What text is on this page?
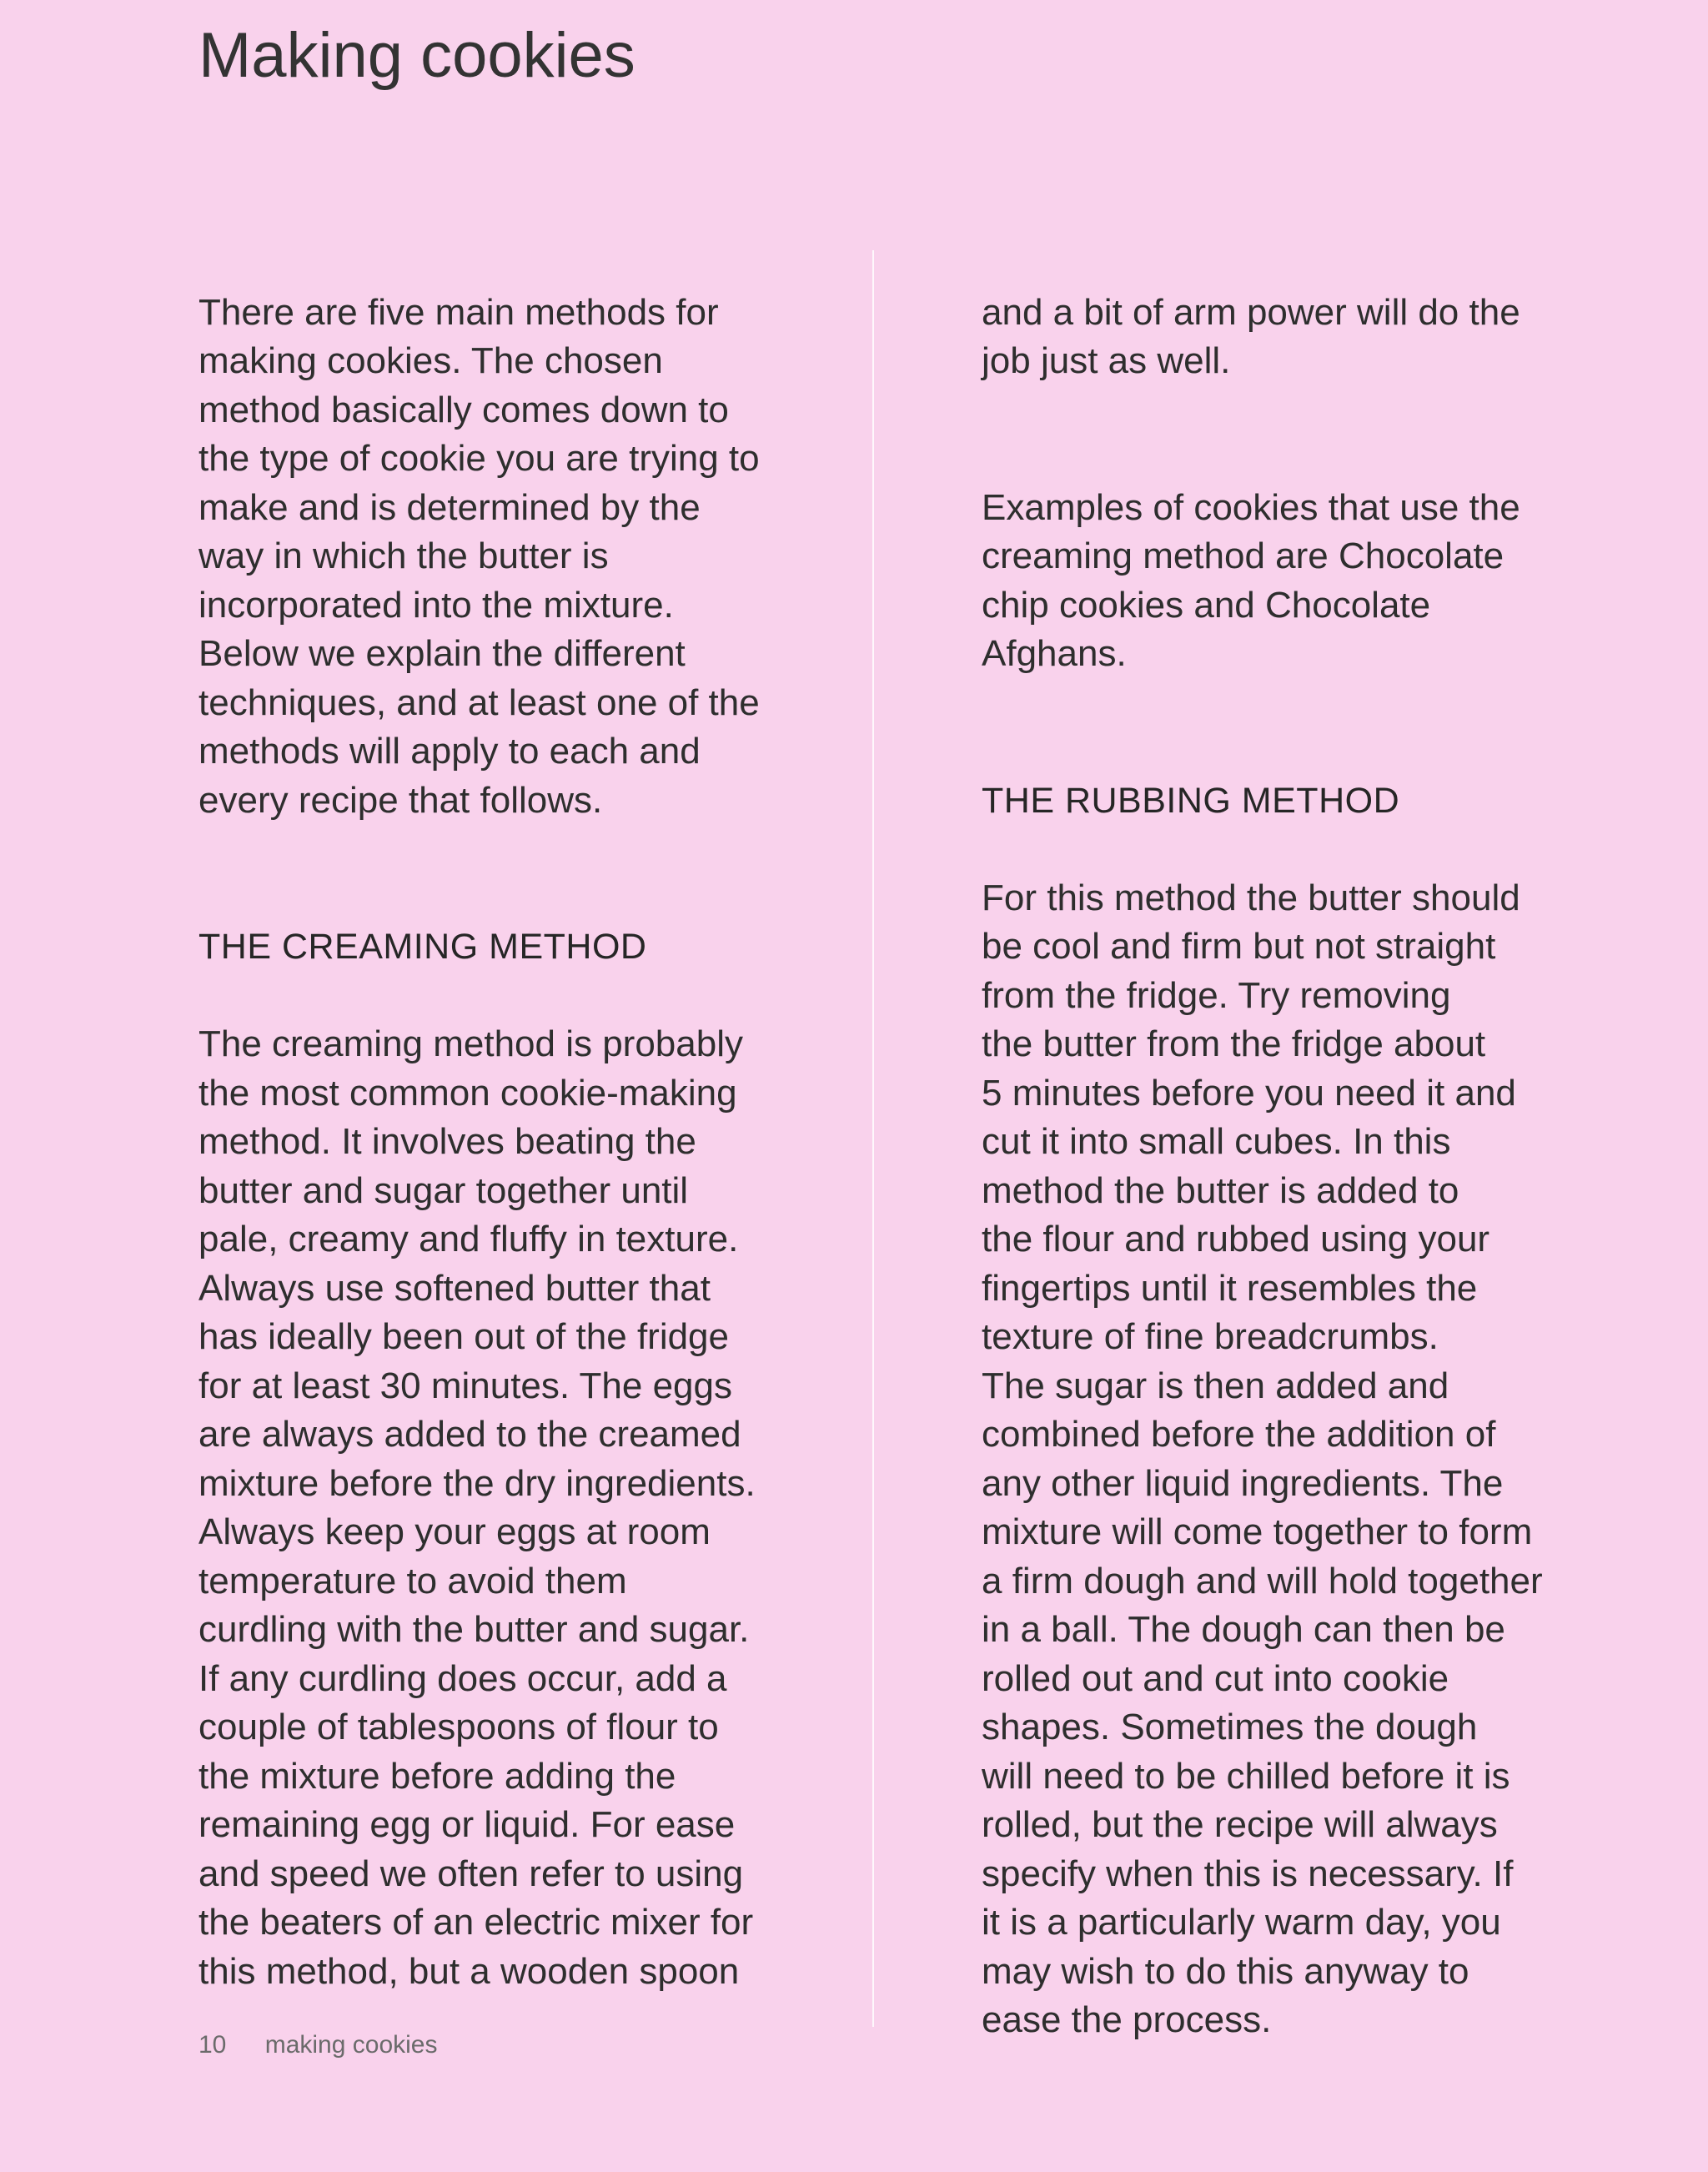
Making cookies

There are five main methods for
making cookies. The chosen
method basically comes down to
the type of cookie you are trying to
make and is determined by the
way in which the butter is
incorporated into the mixture.
Below we explain the different
techniques, and at least one of the
methods will apply to each and
every recipe that follows.

THE CREAMING METHOD

The creaming method is probably
the most common cookie-making
method. It involves beating the
butter and sugar together until
pale, creamy and fluffy in texture.
Always use softened butter that
has ideally been out of the fridge
for at least 30 minutes. The eggs
are always added to the creamed
mixture before the dry ingredients.
Always keep your eggs at room
temperature to avoid them
curdling with the butter and sugar.
If any curdling does occur, add a
couple of tablespoons of flour to
the mixture before adding the
remaining egg or liquid. For ease
and speed we often refer to using
the beaters of an electric mixer for
this method, but a wooden spoon

and a bit of arm power will do the
job just as well.

Examples of cookies that use the
creaming method are Chocolate
chip cookies and Chocolate
Afghans.

THE RUBBING METHOD

For this method the butter should
be cool and firm but not straight
from the fridge. Try removing
the butter from the fridge about
5 minutes before you need it and
cut it into small cubes. In this
method the butter is added to
the flour and rubbed using your
fingertips until it resembles the
texture of fine breadcrumbs.
The sugar is then added and
combined before the addition of
any other liquid ingredients. The
mixture will come together to form
a firm dough and will hold together
in a ball. The dough can then be
rolled out and cut into cookie
shapes. Sometimes the dough
will need to be chilled before it is
rolled, but the recipe will always
specify when this is necessary. If
it is a particularly warm day, you
may wish to do this anyway to
ease the process.

10 making cookies
